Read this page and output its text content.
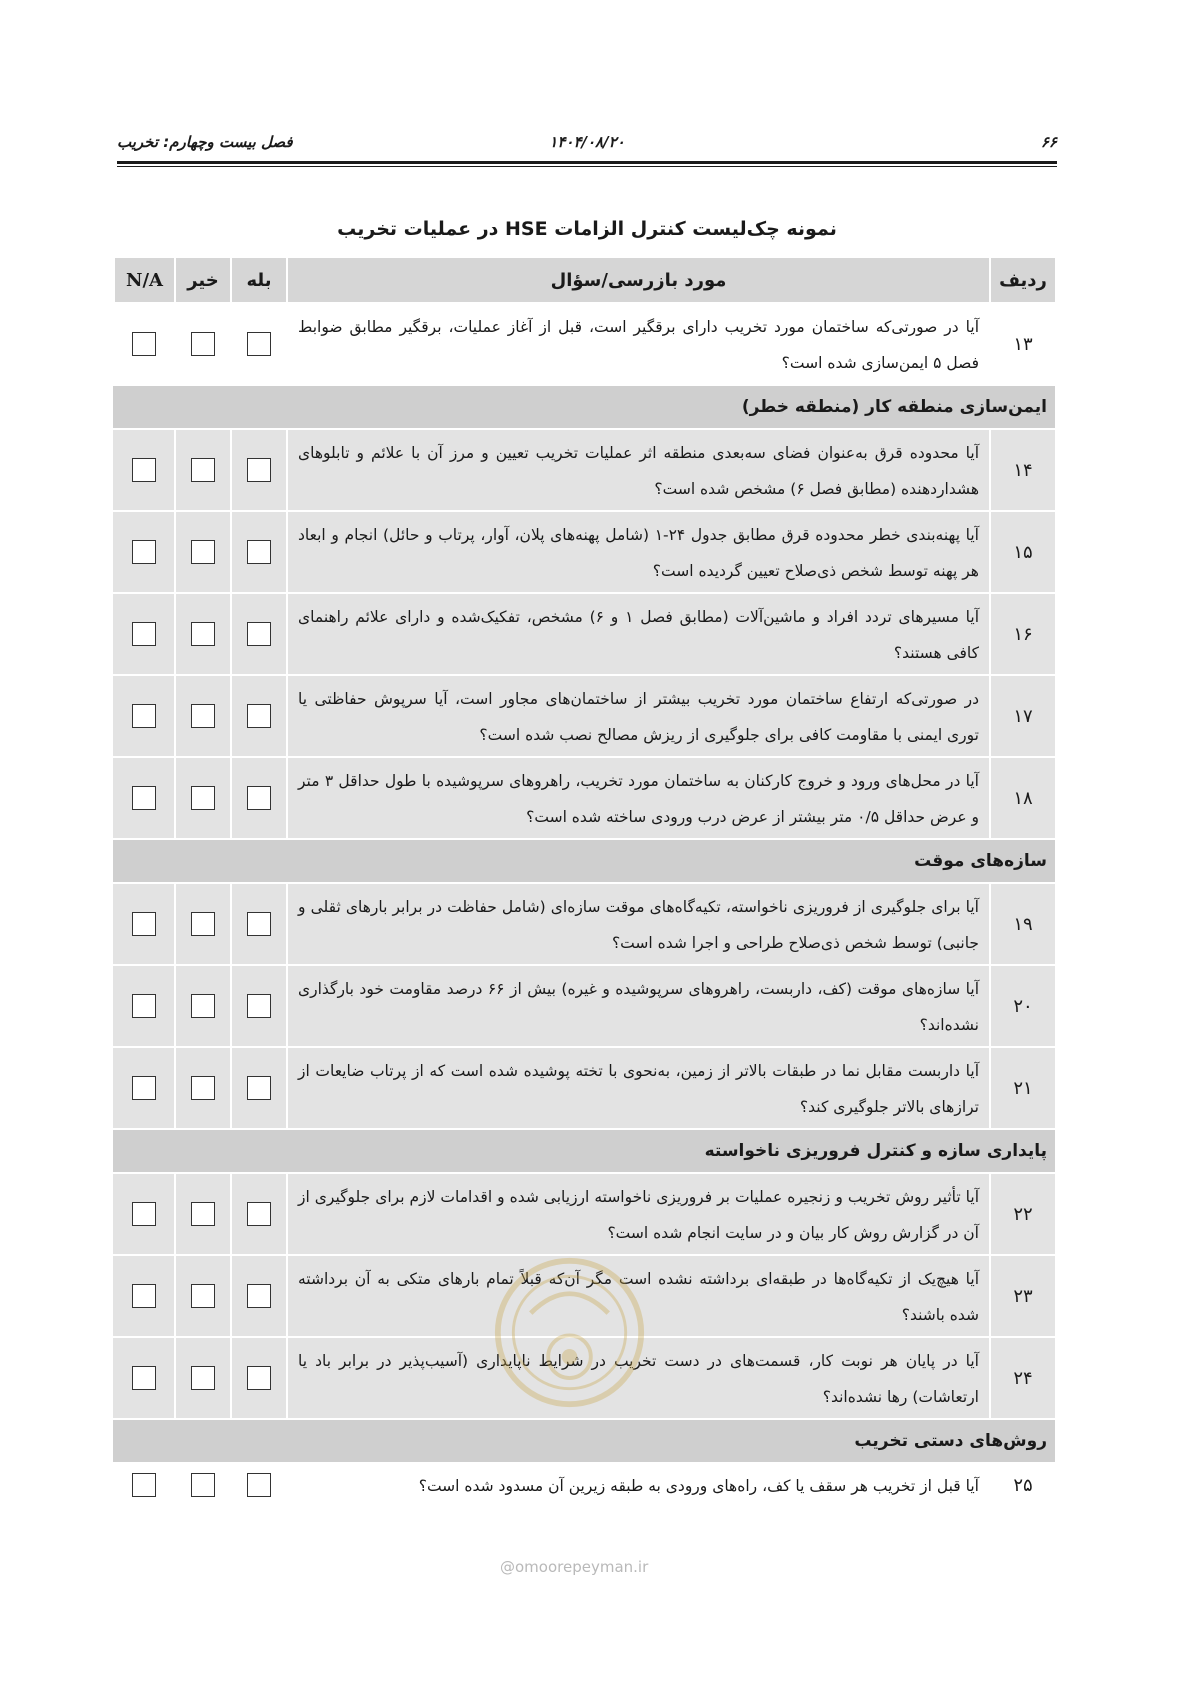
۶۶
۱۴۰۴/۰۸/۲۰
فصل بیست وچهارم: تخریب
نمونه چک‌لیست کنترل الزامات HSE در عملیات تخریب
ردیف
مورد بازرسی/سؤال
بله
خیر
N/A
۱۳
آیا در صورتی‌که ساختمان مورد تخریب دارای برقگیر است، قبل از آغاز عملیات، برقگیر مطابق ضوابط فصل ۵ ایمن‌سازی شده است؟
ایمن‌سازی منطقه کار (منطقه خطر)
۱۴
آیا محدوده قرق به‌عنوان فضای سه‌بعدی منطقه اثر عملیات تخریب تعیین و مرز آن با علائم و تابلوهای هشداردهنده (مطابق فصل ۶) مشخص شده است؟
۱۵
آیا پهنه‌بندی خطر محدوده قرق مطابق جدول ۲۴-۱ (شامل پهنه‌های پلان، آوار، پرتاب و حائل) انجام و ابعاد هر پهنه توسط شخص ذی‌صلاح تعیین گردیده است؟
۱۶
آیا مسیرهای تردد افراد و ماشین‌آلات (مطابق فصل ۱ و ۶) مشخص، تفکیک‌شده و دارای علائم راهنمای کافی هستند؟
۱۷
در صورتی‌که ارتفاع ساختمان مورد تخریب بیشتر از ساختمان‌های مجاور است، آیا سرپوش حفاظتی یا توری ایمنی با مقاومت کافی برای جلوگیری از ریزش مصالح نصب شده است؟
۱۸
آیا در محل‌های ورود و خروج کارکنان به ساختمان مورد تخریب، راهروهای سرپوشیده با طول حداقل ۳ متر و عرض حداقل ۰/۵ متر بیشتر از عرض درب ورودی ساخته شده است؟
سازه‌های موقت
۱۹
آیا برای جلوگیری از فروریزی ناخواسته، تکیه‌گاه‌های موقت سازه‌ای (شامل حفاظت در برابر بارهای ثقلی و جانبی) توسط شخص ذی‌صلاح طراحی و اجرا شده است؟
۲۰
آیا سازه‌های موقت (کف، داربست، راهروهای سرپوشیده و غیره) بیش از ۶۶ درصد مقاومت خود بارگذاری نشده‌اند؟
۲۱
آیا داربست مقابل نما در طبقات بالاتر از زمین، به‌نحوی با تخته پوشیده شده است که از پرتاب ضایعات از ترازهای بالاتر جلوگیری کند؟
پایداری سازه و کنترل فروریزی ناخواسته
۲۲
آیا تأثیر روش تخریب و زنجیره عملیات بر فروریزی ناخواسته ارزیابی شده و اقدامات لازم برای جلوگیری از آن در گزارش روش کار بیان و در سایت انجام شده است؟
۲۳
آیا هیچ‌یک از تکیه‌گاه‌ها در طبقه‌ای برداشته نشده است مگر آن‌که قبلاً تمام بارهای متکی به آن برداشته شده باشند؟
۲۴
آیا در پایان هر نوبت کار، قسمت‌های در دست تخریب در شرایط ناپایداری (آسیب‌پذیر در برابر باد یا ارتعاشات) رها نشده‌اند؟
روش‌های دستی تخریب
۲۵
آیا قبل از تخریب هر سقف یا کف، راه‌های ورودی به طبقه زیرین آن مسدود شده است؟
@omoorepeyman.ir
